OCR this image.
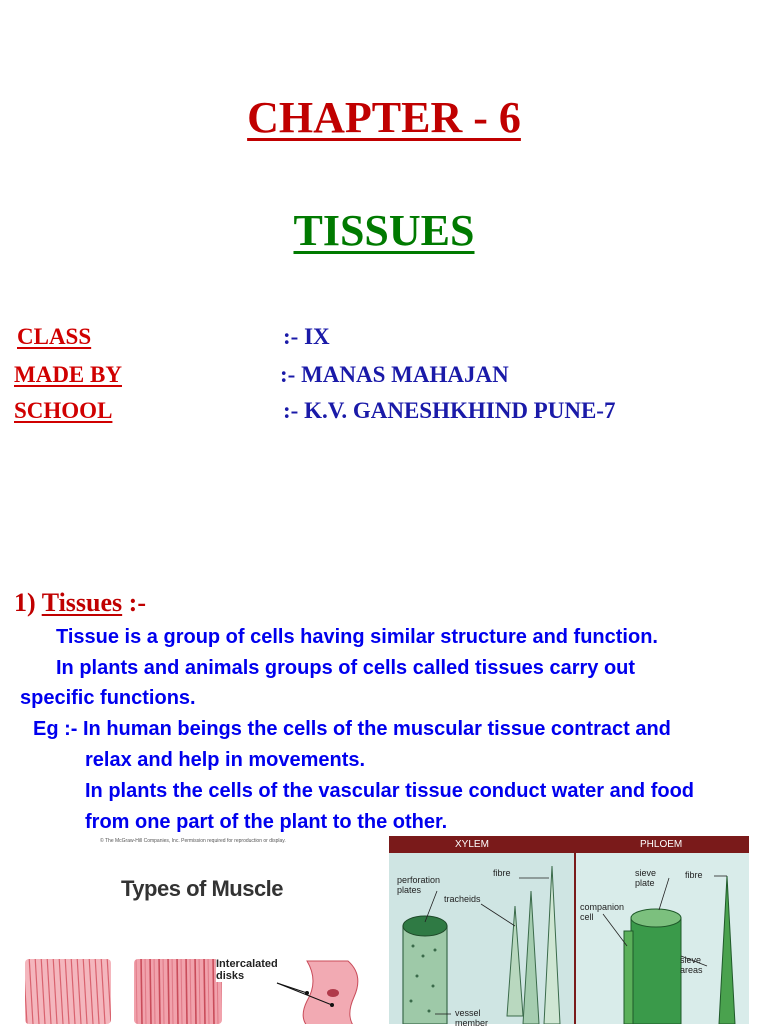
CHAPTER - 6
TISSUES
CLASS	:- IX
MADE BY	:- MANAS MAHAJAN
SCHOOL	:- K.V. GANESHKHIND PUNE-7
1) Tissues :-
Tissue is a group of cells having similar structure and function.
In plants and animals groups of cells called tissues carry out
specific functions.
Eg :- In human beings the cells of the muscular tissue contract and
relax and help in movements.
In plants the cells of the vascular tissue conduct water and food
from one part of the plant to the other.
© The McGraw-Hill Companies, Inc. Permission required for reproduction or display.
Types of Muscle
Intercalated disks
XYLEM	PHLOEM
perforation plates
fibre
tracheids
vessel member
sieve plate
fibre
companion cell
sieve areas
